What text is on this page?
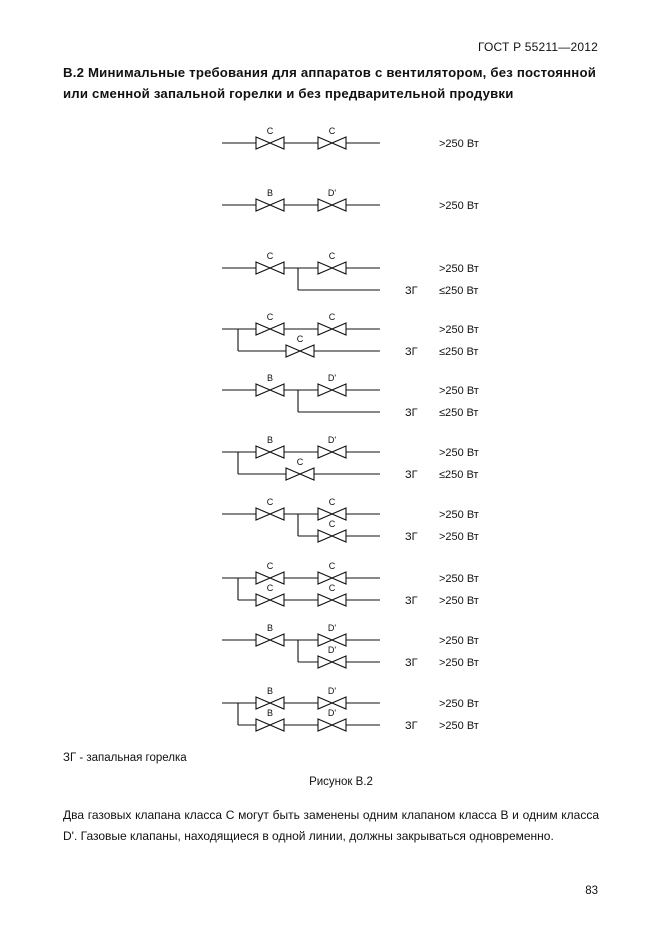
ГОСТ Р 55211—2012
В.2 Минимальные требования для аппаратов с вентилятором, без постоянной или сменной запальной горелки и без предварительной продувки
C	C
>250 Вт
B	D'
>250 Вт
C	C
>250 Вт
ЗГ ≤250 Вт
C	C
>250 Вт
C
ЗГ ≤250 Вт
B	D'
>250 Вт
ЗГ ≤250 Вт
B	D'
>250 Вт
C
ЗГ ≤250 Вт
C	C
>250 Вт
C
ЗГ >250 Вт
C	C
>250 Вт
C	C
ЗГ >250 Вт
B	D'
>250 Вт
D'
ЗГ >250 Вт
B	D'
>250 Вт
B	D'
ЗГ >250 Вт
ЗГ - запальная горелка
Рисунок В.2
Два газовых клапана класса С могут быть заменены одним клапаном класса В и одним класса D'. Газовые клапаны, находящиеся в одной линии, должны закрываться одновременно.
83
